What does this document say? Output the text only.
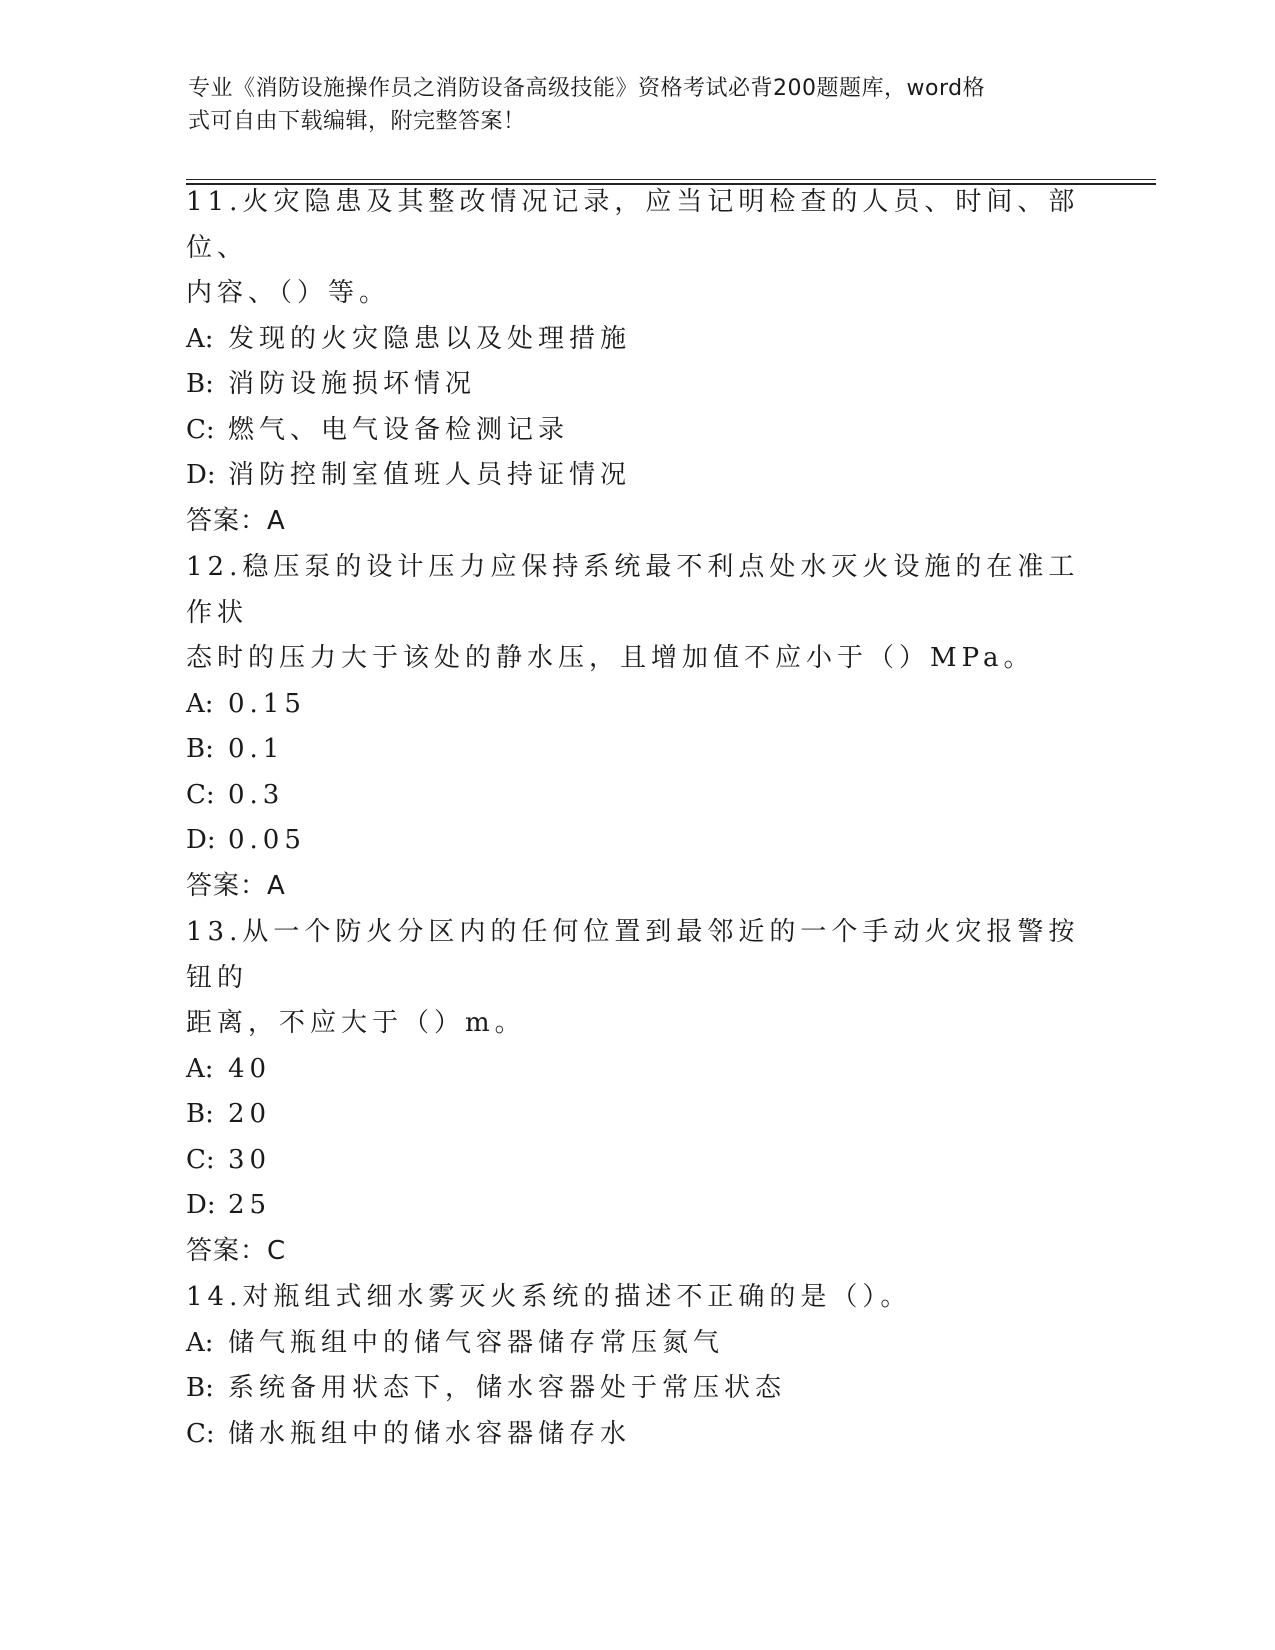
专业《消防设施操作员之消防设备高级技能》资格考试必背200题题库，word格
式可自由下载编辑，附完整答案！
11.火灾隐患及其整改情况记录，应当记明检查的人员、时间、部位、
内容、（）等。
A: 发现的火灾隐患以及处理措施
B: 消防设施损坏情况
C: 燃气、电气设备检测记录
D: 消防控制室值班人员持证情况
答案：A
12.稳压泵的设计压力应保持系统最不利点处水灭火设施的在准工作状
态时的压力大于该处的静水压，且增加值不应小于（）MPa。
A: 0.15
B: 0.1
C: 0.3
D: 0.05
答案：A
13.从一个防火分区内的任何位置到最邻近的一个手动火灾报警按钮的
距离，不应大于（）m。
A: 40
B: 20
C: 30
D: 25
答案：C
14.对瓶组式细水雾灭火系统的描述不正确的是（）。
A: 储气瓶组中的储气容器储存常压氮气
B: 系统备用状态下，储水容器处于常压状态
C: 储水瓶组中的储水容器储存水
